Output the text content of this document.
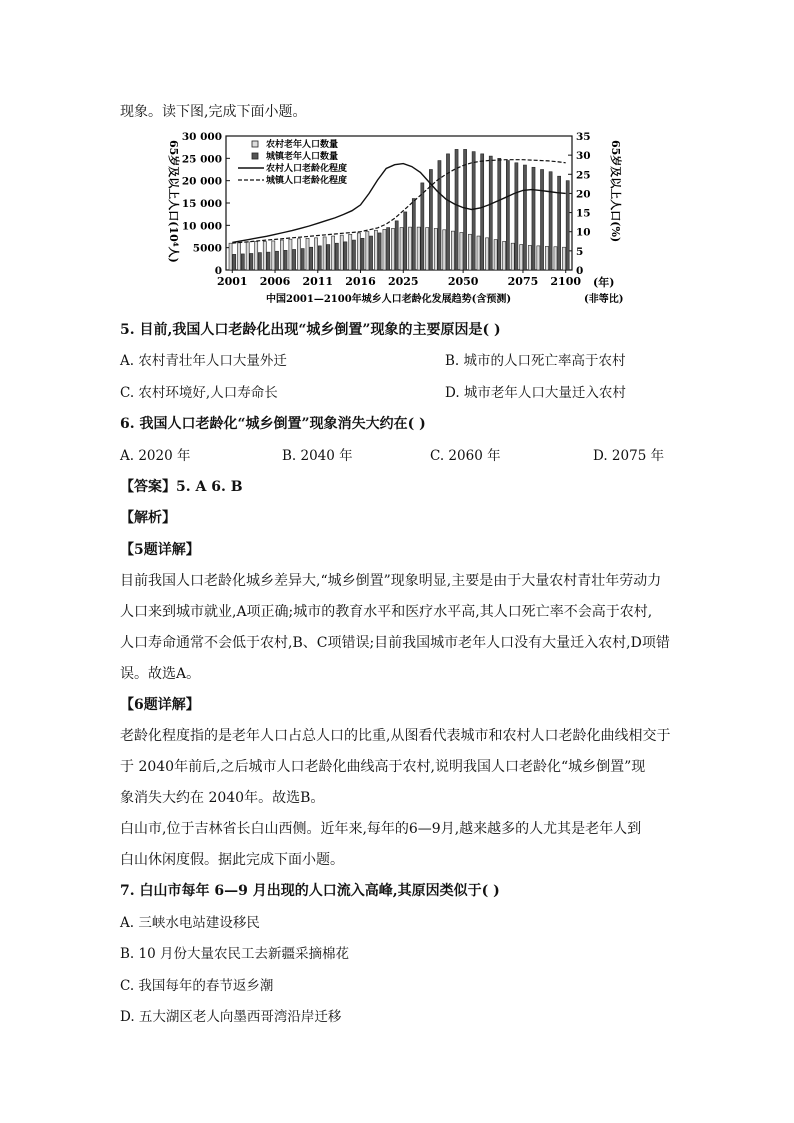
现象。读下图,完成下面小题。
0
5000
10 000
15 000
20 000
25 000
30 000
0
5
10
15
20
25
30
35
2001 2006 2011 2016 2025	2050	2075 2100
65岁及以上人口(10⁴人)	65岁及以上人口(%)
农村老年人口数量
城镇老年人口数量
农村人口老龄化程度
城镇人口老龄化程度
(年)
(非等比)
中国2001—2100年城乡人口老龄化发展趋势(含预测)
5. 目前,我国人口老龄化出现“城乡倒置”现象的主要原因是( )
A. 农村青壮年人口大量外迁	B. 城市的人口死亡率高于农村
C. 农村环境好,人口寿命长	D. 城市老年人口大量迁入农村
6. 我国人口老龄化“城乡倒置”现象消失大约在( )
A. 2020 年	B. 2040 年	C. 2060 年	D. 2075 年
【答案】5. A 6. B
【解析】
【5题详解】
目前我国人口老龄化城乡差异大,“城乡倒置”现象明显,主要是由于大量农村青壮年劳动力
人口来到城市就业,A项正确;城市的教育水平和医疗水平高,其人口死亡率不会高于农村,
人口寿命通常不会低于农村,B、C项错误;目前我国城市老年人口没有大量迁入农村,D项错
误。故选A。
【6题详解】
老龄化程度指的是老年人口占总人口的比重,从图看代表城市和农村人口老龄化曲线相交于
于 2040年前后,之后城市人口老龄化曲线高于农村,说明我国人口老龄化“城乡倒置”现
象消失大约在 2040年。故选B。
白山市,位于吉林省长白山西侧。近年来,每年的6—9月,越来越多的人尤其是老年人到
白山休闲度假。据此完成下面小题。
7. 白山市每年 6—9 月出现的人口流入高峰,其原因类似于( )
A. 三峡水电站建设移民
B. 10 月份大量农民工去新疆采摘棉花
C. 我国每年的春节返乡潮
D. 五大湖区老人向墨西哥湾沿岸迁移
